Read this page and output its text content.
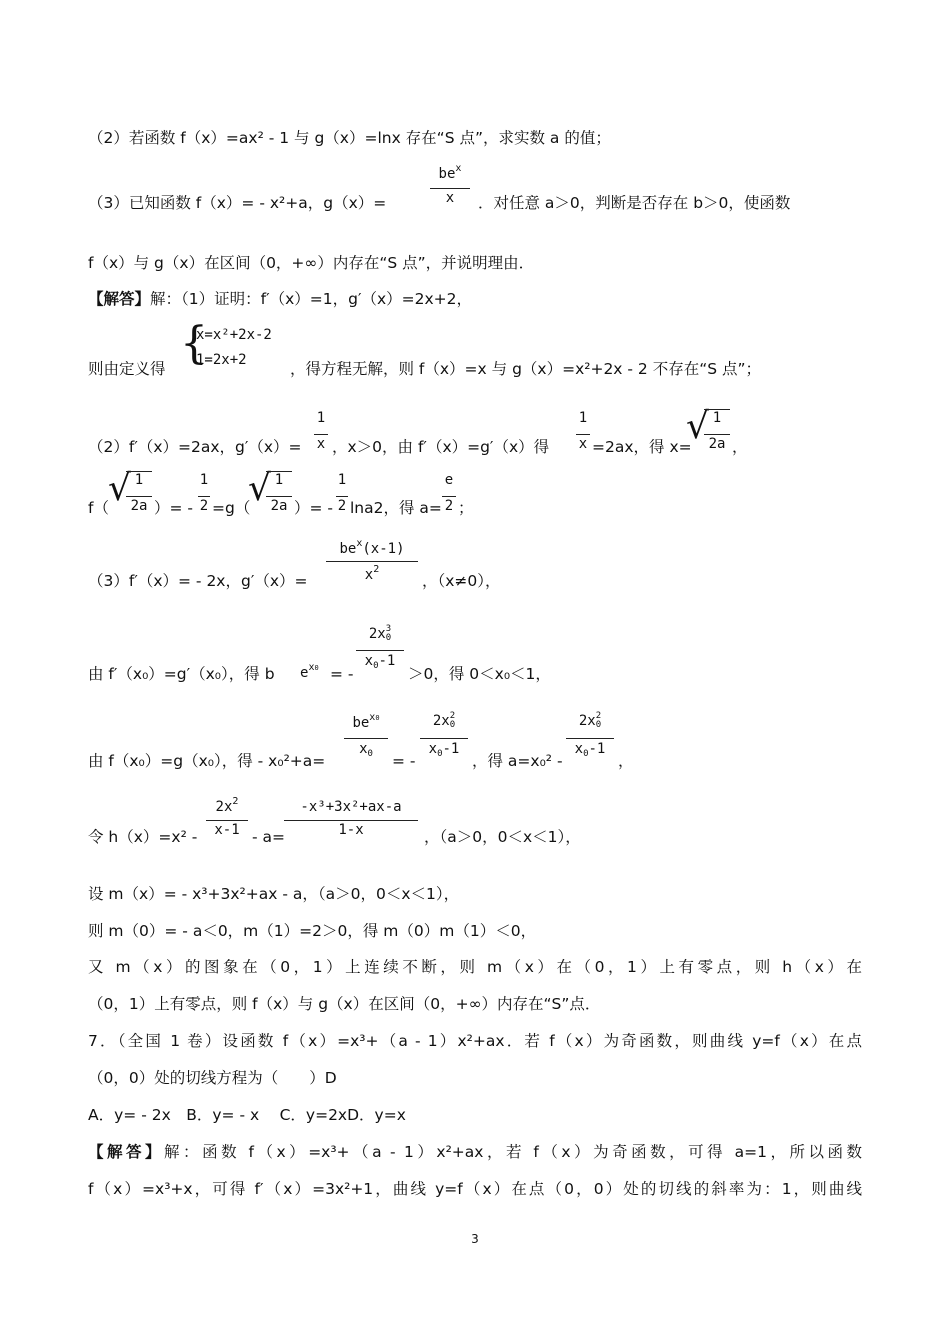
（2）若函数 f（x）=ax² - 1 与 g（x）=lnx 存在“S 点”，求实数 a 的值；
（3）已知函数 f（x）= - x²+a，g（x）=
$be^x$
x	．对任意 a＞0，判断是否存在 b＞0，使函数
f（x）与 g（x）在区间（0，+∞）内存在“S 点”，并说明理由．
【解答】解：（1）证明：f′（x）=1，g′（x）=2x+2，
则由定义得 {
x=x²+2x-2
1=2x+2	，得方程无解，则 f（x）=x 与 g（x）=x²+2x - 2 不存在“S 点”；
（2）f′（x）=2ax，g′（x）=
1
x ，x＞0，由 f′（x）=g′（x）得
1
x =2ax，得 x=
√ 1
2a ，
f（ √ 1
2a ）= -
1
2 =g（
√ 1
2a ）= -
1
2 lna2，得 a=
e
2 ；
（3）f′（x）= - 2x，g′（x）=
$be^x(x-1)$
$x^2$
，（x≠0），
由 f′（x₀）=g′（x₀），得 b	$e^{x0}$ = -
2x3
0
$x_0-1$
＞0，得 0＜x₀＜1，
由 f（x₀）=g（x₀），得 - x₀²+a=
$be^{x0}$
$x_0$	= -
2x2
0
$x_0-1$
，得 a=x₀² -
2x2
0
$x_0-1$
，
令 h（x）=x² -
$2x^2$
x-1 - a=
-x³+3x²+ax-a
1-x	，（a＞0，0＜x＜1），
设 m（x）= - x³+3x²+ax - a，（a＞0，0＜x＜1），
则 m（0）= - a＜0，m（1）=2＞0，得 m（0）m（1）＜0，
又 m（x）的图象在（0，1）上连续不断，则 m（x）在（0，1）上有零点，则 h（x）在
（0，1）上有零点，则 f（x）与 g（x）在区间（0，+∞）内存在“S”点．
7．（全国 1 卷）设函数 f（x）=x³+（a - 1）x²+ax．若 f（x）为奇函数，则曲线 y=f（x）在点
（0，0）处的切线方程为（　　）D
A．y= - 2x　B．y= - x　 C．y=2xD．y=x
【解答】解：函数 f（x）=x³+（a - 1）x²+ax，若 f（x）为奇函数，可得 a=1，所以函数
f（x）=x³+x，可得 f′（x）=3x²+1，曲线 y=f（x）在点（0，0）处的切线的斜率为：1，则曲线
3
